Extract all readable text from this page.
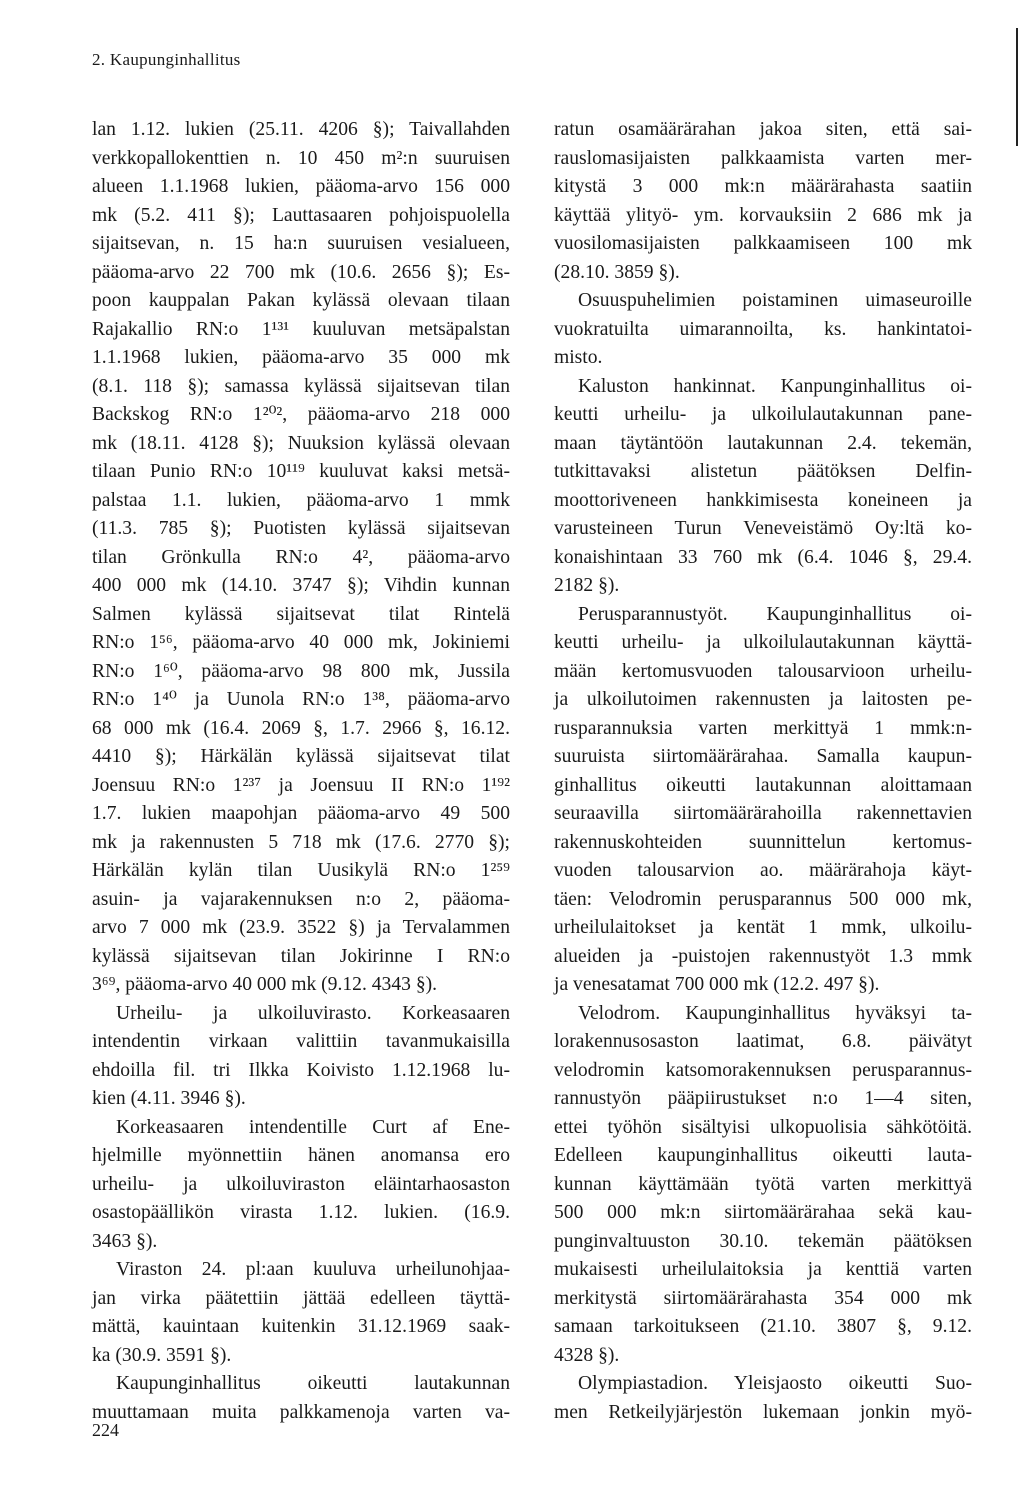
2. Kaupunginhallitus
lan 1.12. lukien (25.11. 4206 §); Taivallahden
verkkopallokenttien n. 10 450 m²:n suuruisen
alueen 1.1.1968 lukien, pääoma-arvo 156 000
mk (5.2. 411 §); Lauttasaaren pohjoispuolella
sijaitsevan, n. 15 ha:n suuruisen vesialueen,
pääoma-arvo 22 700 mk (10.6. 2656 §); Es-
poon kauppalan Pakan kylässä olevaan tilaan
Rajakallio RN:o 1¹³¹ kuuluvan metsäpalstan
1.1.1968 lukien, pääoma-arvo 35 000 mk
(8.1. 118 §); samassa kylässä sijaitsevan tilan
Backskog RN:o 1²⁰², pääoma-arvo 218 000
mk (18.11. 4128 §); Nuuksion kylässä olevaan
tilaan Punio RN:o 10¹¹⁹ kuuluvat kaksi metsä-
palstaa 1.1. lukien, pääoma-arvo 1 mmk
(11.3. 785 §); Puotisten kylässä sijaitsevan
tilan Grönkulla RN:o 4², pääoma-arvo
400 000 mk (14.10. 3747 §); Vihdin kunnan
Salmen kylässä sijaitsevat tilat Rintelä
RN:o 1⁵⁶, pääoma-arvo 40 000 mk, Jokiniemi
RN:o 1⁶⁰, pääoma-arvo 98 800 mk, Jussila
RN:o 1⁴⁰ ja Uunola RN:o 1³⁸, pääoma-arvo
68 000 mk (16.4. 2069 §, 1.7. 2966 §, 16.12.
4410 §); Härkälän kylässä sijaitsevat tilat
Joensuu RN:o 1²³⁷ ja Joensuu II RN:o 1¹⁹²
1.7. lukien maapohjan pääoma-arvo 49 500
mk ja rakennusten 5 718 mk (17.6. 2770 §);
Härkälän kylän tilan Uusikylä RN:o 1²⁵⁹
asuin- ja vajarakennuksen n:o 2, pääoma-
arvo 7 000 mk (23.9. 3522 §) ja Tervalammen
kylässä sijaitsevan tilan Jokirinne I RN:o
3⁶⁹, pääoma-arvo 40 000 mk (9.12. 4343 §).
Urheilu- ja ulkoiluvirasto. Korkeasaaren
intendentin virkaan valittiin tavanmukaisilla
ehdoilla fil. tri Ilkka Koivisto 1.12.1968 lu-
kien (4.11. 3946 §).
Korkeasaaren intendentille Curt af Ene-
hjelmille myönnettiin hänen anomansa ero
urheilu- ja ulkoiluviraston eläintarhaosaston
osastopäällikön virasta 1.12. lukien. (16.9.
3463 §).
Viraston 24. pl:aan kuuluva urheilunohjaa-
jan virka päätettiin jättää edelleen täyttä-
mättä, kauintaan kuitenkin 31.12.1969 saak-
ka (30.9. 3591 §).
Kaupunginhallitus oikeutti lautakunnan
muuttamaan muita palkkamenoja varten va-
ratun osamäärärahan jakoa siten, että sai-
rauslomasijaisten palkkaamista varten mer-
kitystä 3 000 mk:n määrärahasta saatiin
käyttää ylityö- ym. korvauksiin 2 686 mk ja
vuosilomasijaisten palkkaamiseen 100 mk
(28.10. 3859 §).
Osuuspuhelimien poistaminen uimaseuroille
vuokratuilta uimarannoilta, ks. hankintatoi-
misto.
Kaluston hankinnat. Kanpunginhallitus oi-
keutti urheilu- ja ulkoilulautakunnan pane-
maan täytäntöön lautakunnan 2.4. tekemän,
tutkittavaksi alistetun päätöksen Delfin-
moottoriveneen hankkimisesta koneineen ja
varusteineen Turun Veneveistämö Oy:ltä ko-
konaishintaan 33 760 mk (6.4. 1046 §, 29.4.
2182 §).
Perusparannustyöt. Kaupunginhallitus oi-
keutti urheilu- ja ulkoilulautakunnan käyttä-
mään kertomusvuoden talousarvioon urheilu-
ja ulkoilutoimen rakennusten ja laitosten pe-
rusparannuksia varten merkittyä 1 mmk:n-
suuruista siirtomäärärahaa. Samalla kaupun-
ginhallitus oikeutti lautakunnan aloittamaan
seuraavilla siirtomäärärahoilla rakennettavien
rakennuskohteiden suunnittelun kertomus-
vuoden talousarvion ao. määrärahoja käyt-
täen: Velodromin perusparannus 500 000 mk,
urheilulaitokset ja kentät 1 mmk, ulkoilu-
alueiden ja -puistojen rakennustyöt 1.3 mmk
ja venesatamat 700 000 mk (12.2. 497 §).
Velodrom. Kaupunginhallitus hyväksyi ta-
lorakennusosaston laatimat, 6.8. päivätyt
velodromin katsomorakennuksen perusparannus-
rannustyön pääpiirustukset n:o 1—4 siten,
ettei työhön sisältyisi ulkopuolisia sähkötöitä.
Edelleen kaupunginhallitus oikeutti lauta-
kunnan käyttämään työtä varten merkittyä
500 000 mk:n siirtomäärärahaa sekä kau-
punginvaltuuston 30.10. tekemän päätöksen
mukaisesti urheilulaitoksia ja kenttiä varten
merkitystä siirtomäärärahasta 354 000 mk
samaan tarkoitukseen (21.10. 3807 §, 9.12.
4328 §).
Olympiastadion. Yleisjaosto oikeutti Suo-
men Retkeilyjärjestön lukemaan jonkin myö-
224
